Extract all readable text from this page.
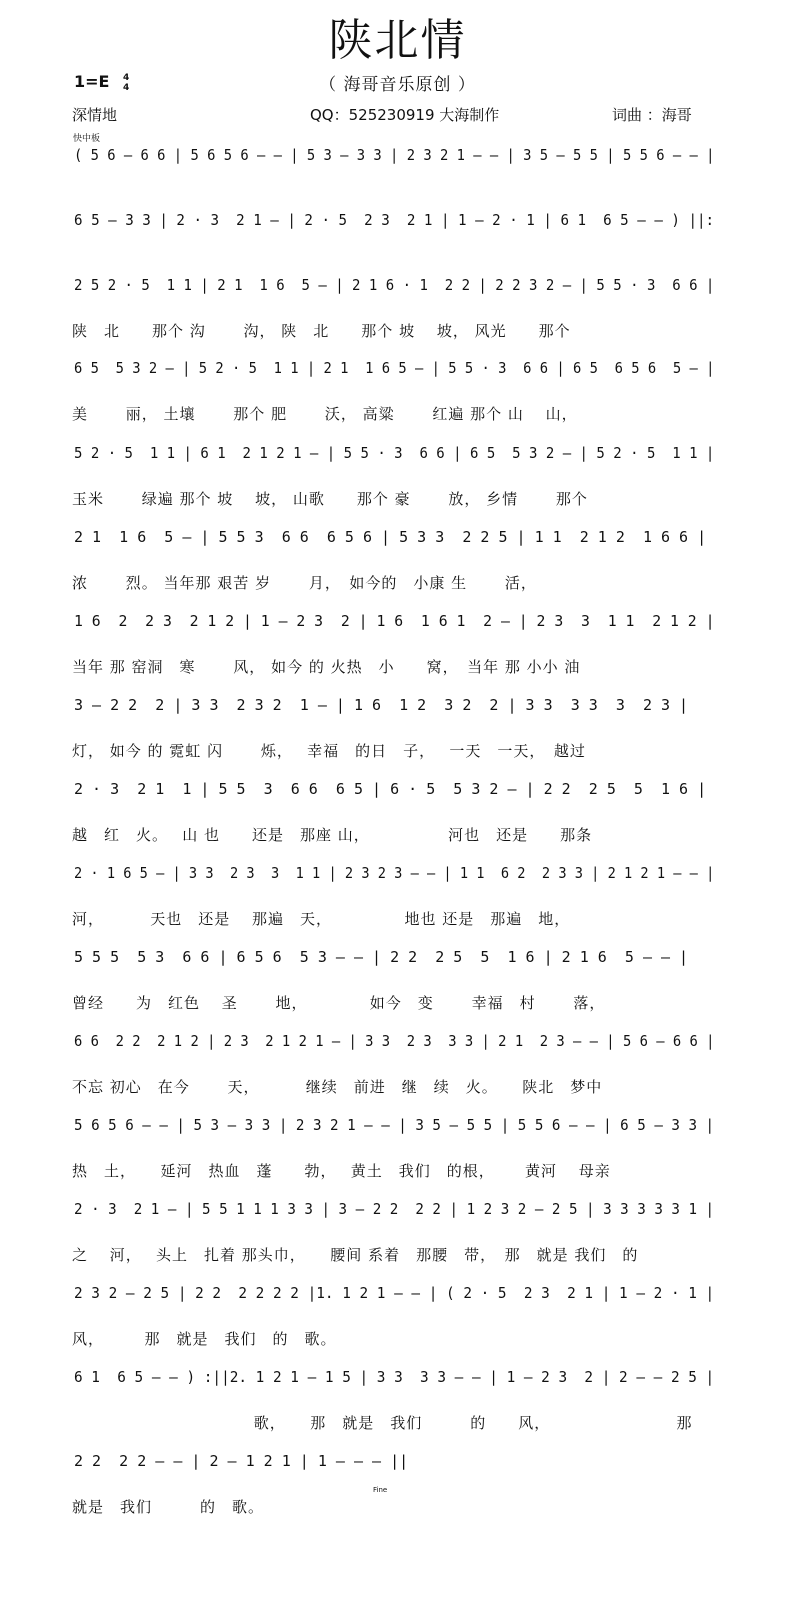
陕北情
1=E 4
4	（ 海哥音乐原创 ）
深情地	QQ：525230919 大海制作	词曲 ：海哥
快中板
( 5 6 — 6 6 | 5 6 5 6 — — | 5 3 — 3 3 | 2 3 2 1 — — | 3 5 — 5 5 | 5 5 6 — — |
6 5 — 3 3 | 2 · 3  2 1 — | 2 · 5  2 3  2 1 | 1 — 2 · 1 | 6 1  6 5 — — ) ||:
2 5 2 · 5  1 1 | 2 1  1 6  5 — | 2 1 6 · 1  2 2 | 2 2 3 2 — | 5 5 · 3  6 6 |
陕　北　　那个 沟　　 沟， 陕　北　　那个 坡　 坡， 风光　　那个
6 5  5 3 2 — | 5 2 · 5  1 1 | 2 1  1 6 5 — | 5 5 · 3  6 6 | 6 5  6 5 6  5 — |
美　　 丽， 土壤　　 那个 肥　　 沃， 高粱　　 红遍 那个 山　 山，
5 2 · 5  1 1 | 6 1  2 1 2 1 — | 5 5 · 3  6 6 | 6 5  5 3 2 — | 5 2 · 5  1 1 |
玉米　　 绿遍 那个 坡　 坡， 山歌　　那个 豪　　 放， 乡情　　 那个
2 1  1 6  5 — | 5 5 3  6 6  6 5 6 | 5 3 3  2 2 5 | 1 1  2 1 2  1 6 6 |
浓　　 烈。 当年那 艰苦 岁　　 月，　如今的　小康 生　　 活，
1 6  2  2 3  2 1 2 | 1 — 2 3  2 | 1 6  1 6 1  2 — | 2 3  3  1 1  2 1 2 |
当年 那 窑洞　寒　　 风， 如今 的 火热　小　　窝，　当年 那 小小 油
3 — 2 2  2 | 3 3  2 3 2  1 — | 1 6  1 2  3 2  2 | 3 3  3 3  3  2 3 |
灯， 如今 的 霓虹 闪　　 烁，　 幸福　的日　子，　 一天　一天，　越过
2 · 3  2 1  1 | 5 5  3  6 6  6 5 | 6 · 5  5 3 2 — | 2 2  2 5  5  1 6 |
越　红　火。　 山 也　　还是　那座 山，　　　　　 河也　还是　　那条
2 · 1 6 5 — | 3 3  2 3  3  1 1 | 2 3 2 3 — — | 1 1  6 2  2 3 3 | 2 1 2 1 — — |
河，　　　 天也　还是　 那遍　天，　　　　　地也 还是　那遍　地，
5 5 5  5 3  6 6 | 6 5 6  5 3 — — | 2 2  2 5  5  1 6 | 2 1 6  5 — — |
曾经　　为　红色　 圣　　 地，　　　　 如今　变　　 幸福　村　　 落，
6 6  2 2  2 1 2 | 2 3  2 1 2 1 — | 3 3  2 3  3 3 | 2 1  2 3 — — | 5 6 — 6 6 |
不忘 初心　在今　　 天，　　　 继续　前进　继　续　火。　　陕北　梦中
5 6 5 6 — — | 5 3 — 3 3 | 2 3 2 1 — — | 3 5 — 5 5 | 5 5 6 — — | 6 5 — 3 3 |
热　土，　　延河　热血　蓬　　勃，　 黄土　我们　的根，　　 黄河　 母亲
2 · 3  2 1 — | 5 5 1 1 1 3 3 | 3 — 2 2  2 2 | 1 2 3 2 — 2 5 | 3 3 3 3 3 1 |
之　 河，　 头上　扎着 那头巾，　　腰间 系着　那腰　带，　那　就是 我们　的
2 3 2 — 2 5 | 2 2  2 2 2 2 |1. 1 2 1 — — | ( 2 · 5  2 3  2 1 | 1 — 2 · 1 |
风，　　　那　就是　我们　的　歌。
6 1  6 5 — — ) :||2. 1 2 1 — 1 5 | 3 3  3 3 — — | 1 — 2 3  2 | 2 — — 2 5 |
　　　　　　　　　　　 歌，　　那　就是　我们　　　的　　风，　　　　　　　　 那
2 2  2 2 — — | 2 — 1 2 1 | 1 — — — ||
就是　我们　　　的　歌。
Fine
